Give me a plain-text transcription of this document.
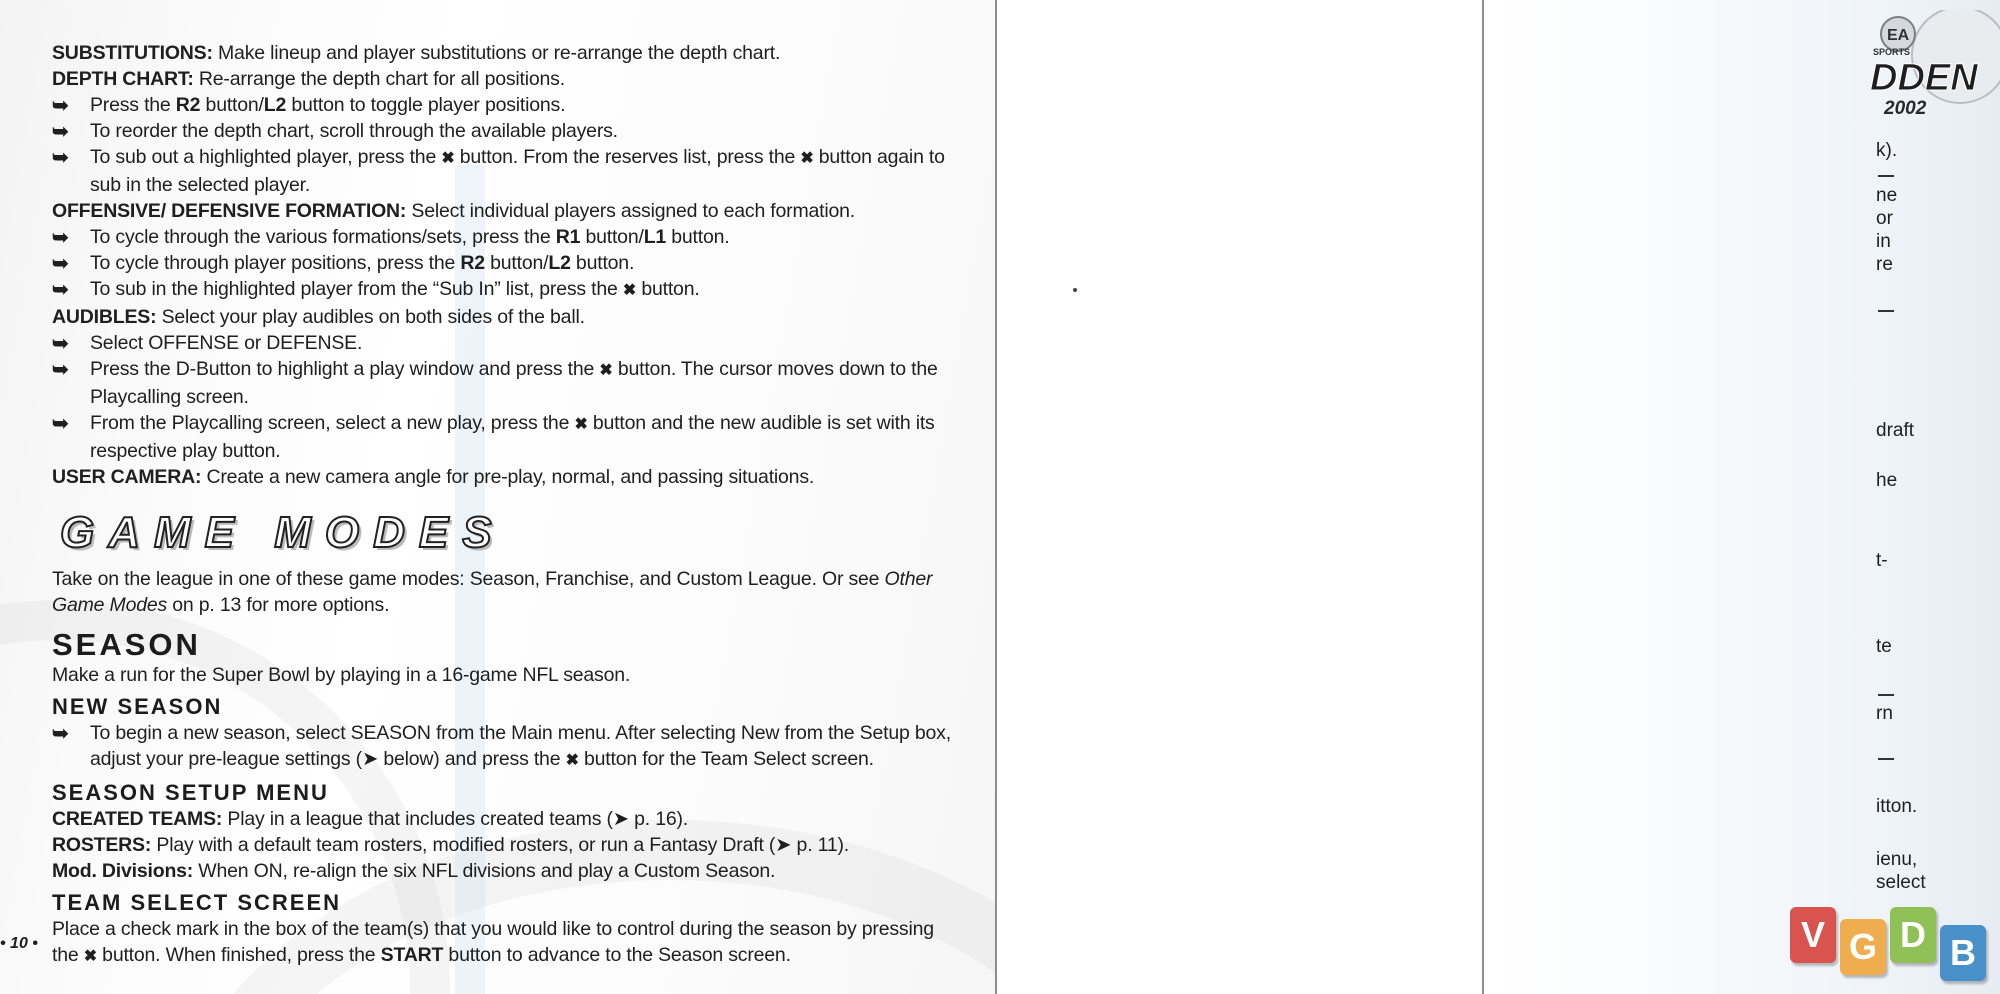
SUBSTITUTIONS: Make lineup and player substitutions or re-arrange the depth chart.

DEPTH CHART: Re-arrange the depth chart for all positions.

➥ Press the R2 button/L2 button to toggle player positions.

➥ To reorder the depth chart, scroll through the available players.

➥ To sub out a highlighted player, press the ✖ button. From the reserves list, press the ✖ button again to sub in the selected player.

OFFENSIVE/ DEFENSIVE FORMATION: Select individual players assigned to each formation.

➥ To cycle through the various formations/sets, press the R1 button/L1 button.

➥ To cycle through player positions, press the R2 button/L2 button.

➥ To sub in the highlighted player from the “Sub In” list, press the ✖ button.

AUDIBLES: Select your play audibles on both sides of the ball.

➥ Select OFFENSE or DEFENSE.

➥ Press the D-Button to highlight a play window and press the ✖ button. The cursor moves down to the Playcalling screen.

➥ From the Playcalling screen, select a new play, press the ✖ button and the new audible is set with its respective play button.

USER CAMERA: Create a new camera angle for pre-play, normal, and passing situations.

GAME MODES

Take on the league in one of these game modes: Season, Franchise, and Custom League. Or see Other Game Modes on p. 13 for more options.

SEASON

Make a run for the Super Bowl by playing in a 16-game NFL season.

NEW SEASON

➥ To begin a new season, select SEASON from the Main menu. After selecting New from the Setup box, adjust your pre-league settings (➤ below) and press the ✖ button for the Team Select screen.

SEASON SETUP MENU

CREATED TEAMS: Play in a league that includes created teams (➤ p. 16).

ROSTERS: Play with a default team rosters, modified rosters, or run a Fantasy Draft (➤ p. 11).

Mod. Divisions: When ON, re-align the six NFL divisions and play a Custom Season.

TEAM SELECT SCREEN

Place a check mark in the box of the team(s) that you would like to control during the season by pressing the ✖ button. When finished, press the START button to advance to the Season screen.

• 10 •
EA
SPORTS
DDEN
2002
k).
ne
or
in
re
draft
he
t-
te
rn
itton.
ienu,
select
V G D B
